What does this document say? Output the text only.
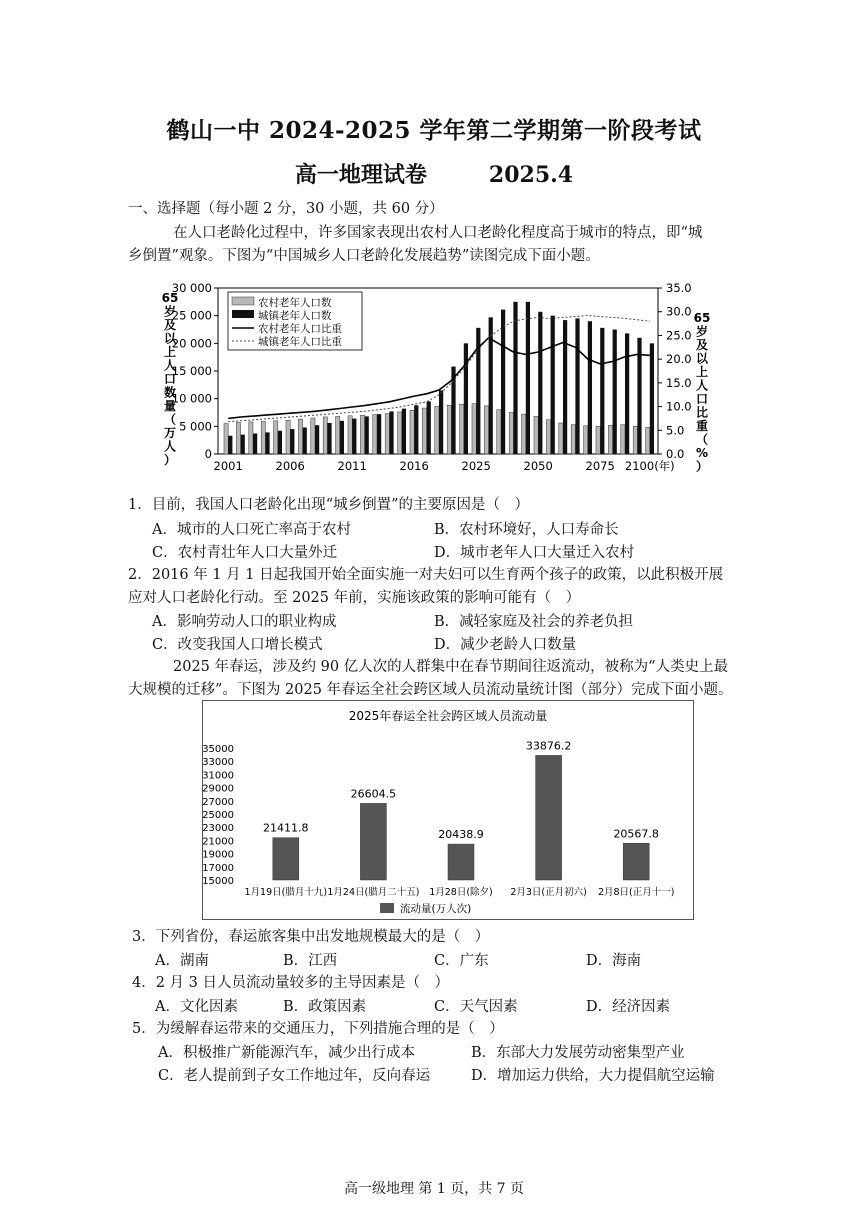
鹤山一中 2024-2025 学年第二学期第一阶段考试
高一地理试卷	2025.4
一、选择题（每小题 2 分，30 小题，共 60 分）
在人口老龄化过程中，许多国家表现出农村人口老龄化程度高于城市的特点，即“城
乡倒置”观象。下图为“中国城乡人口老龄化发展趋势”读图完成下面小题。
0
5 000
10 000
15 000
20 000
25 000
30 000
0.0
5.0
10.0
15.0
20.0
25.0
30.0
35.0
65
岁
及
以
上
人
口
数
量
（
万
人
）
65
岁
及
以
上
人
口
比
重
（
%
）
2001	2006	2011	2016	2025	2050	2075 2100(年)
农村老年人口数
城镇老年人口数
农村老年人口比重
城镇老年人口比重
1．目前，我国人口老龄化出现“城乡倒置”的主要原因是（　）
A．城市的人口死亡率高于农村	B．农村环境好，人口寿命长
C．农村青壮年人口大量外迁	D．城市老年人口大量迁入农村
2．2016 年 1 月 1 日起我国开始全面实施一对夫妇可以生育两个孩子的政策，以此积极开展
应对人口老龄化行动。至 2025 年前，实施该政策的影响可能有（　）
A．影响劳动人口的职业构成	B．减轻家庭及社会的养老负担
C．改变我国人口增长模式	D．减少老龄人口数量
2025 年春运，涉及约 90 亿人次的人群集中在春节期间往返流动，被称为“人类史上最
大规模的迁移”。下图为 2025 年春运全社会跨区域人员流动量统计图（部分）完成下面小题。
2025年春运全社会跨区域人员流动量
15000
17000
19000
21000
23000
25000
27000
29000
31000
33000
35000
21411.8
1月19日(腊月十九)
26604.5
1月24日(腊月二十五)
20438.9
1月28日(除夕)
33876.2
2月3日(正月初六)
20567.8
2月8日(正月十一)
流动量(万人次)
3．下列省份，春运旅客集中出发地规模最大的是（　）
A．湖南	B．江西	C．广东	D．海南
4．2 月 3 日人员流动量较多的主导因素是（　）
A．文化因素	B．政策因素	C．天气因素	D．经济因素
5．为缓解春运带来的交通压力，下列措施合理的是（　）
A．积极推广新能源汽车，减少出行成本	B．东部大力发展劳动密集型产业
C．老人提前到子女工作地过年，反向春运	D．增加运力供给，大力提倡航空运输
高一级地理 第 1 页，共 7 页
